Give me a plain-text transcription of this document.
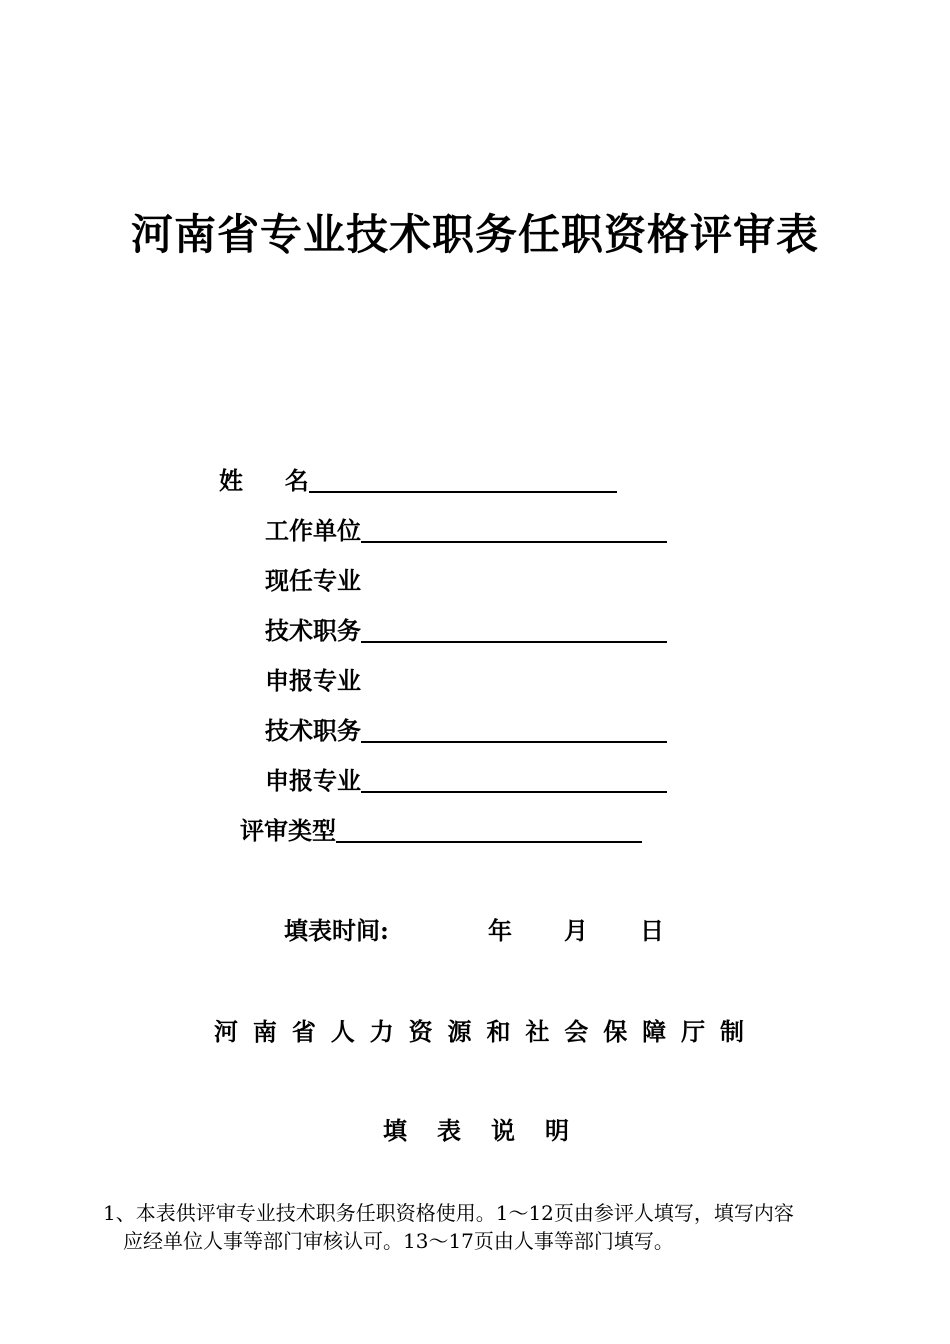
河南省专业技术职务任职资格评审表
姓     名
工作单位
现任专业
技术职务
申报专业
技术职务
申报专业
评审类型
填表时间:	年 月 日
河 南 省 人 力 资 源 和 社 会 保 障 厅 制
填 表 说 明
1、本表供评审专业技术职务任职资格使用。1～12页由参评人填写，填写内容
应经单位人事等部门审核认可。13～17页由人事等部门填写。
